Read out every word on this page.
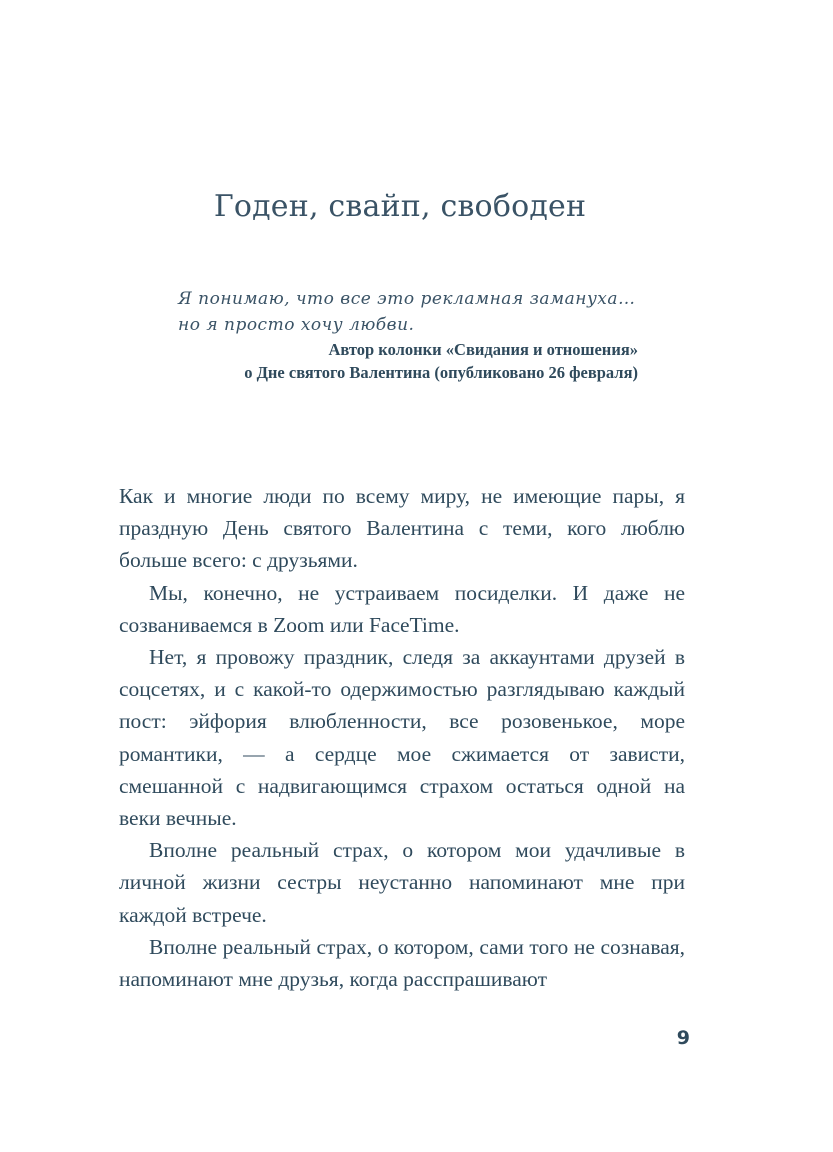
Годен, свайп, свободен

Я понимаю, что все это рекламная замануха…
но я просто хочу любви.

Автор колонки «Свидания и отношения»
о Дне святого Валентина (опубликовано 26 февраля)

Как и многие люди по всему миру, не имеющие пары, я праздную День святого Валентина с теми, кого люблю больше всего: с друзьями.

Мы, конечно, не устраиваем посиделки. И даже не созваниваемся в Zoom или FaceTime.

Нет, я провожу праздник, следя за аккаунтами друзей в соцсетях, и с какой-то одержимостью разглядываю каждый пост: эйфория влюбленности, все розовенькое, море романтики, — а сердце мое сжимается от зависти, смешанной с надвигающимся страхом остаться одной на веки вечные.

Вполне реальный страх, о котором мои удачливые в личной жизни сестры неустанно напоминают мне при каждой встрече.

Вполне реальный страх, о котором, сами того не сознавая, напоминают мне друзья, когда расспрашивают

9
